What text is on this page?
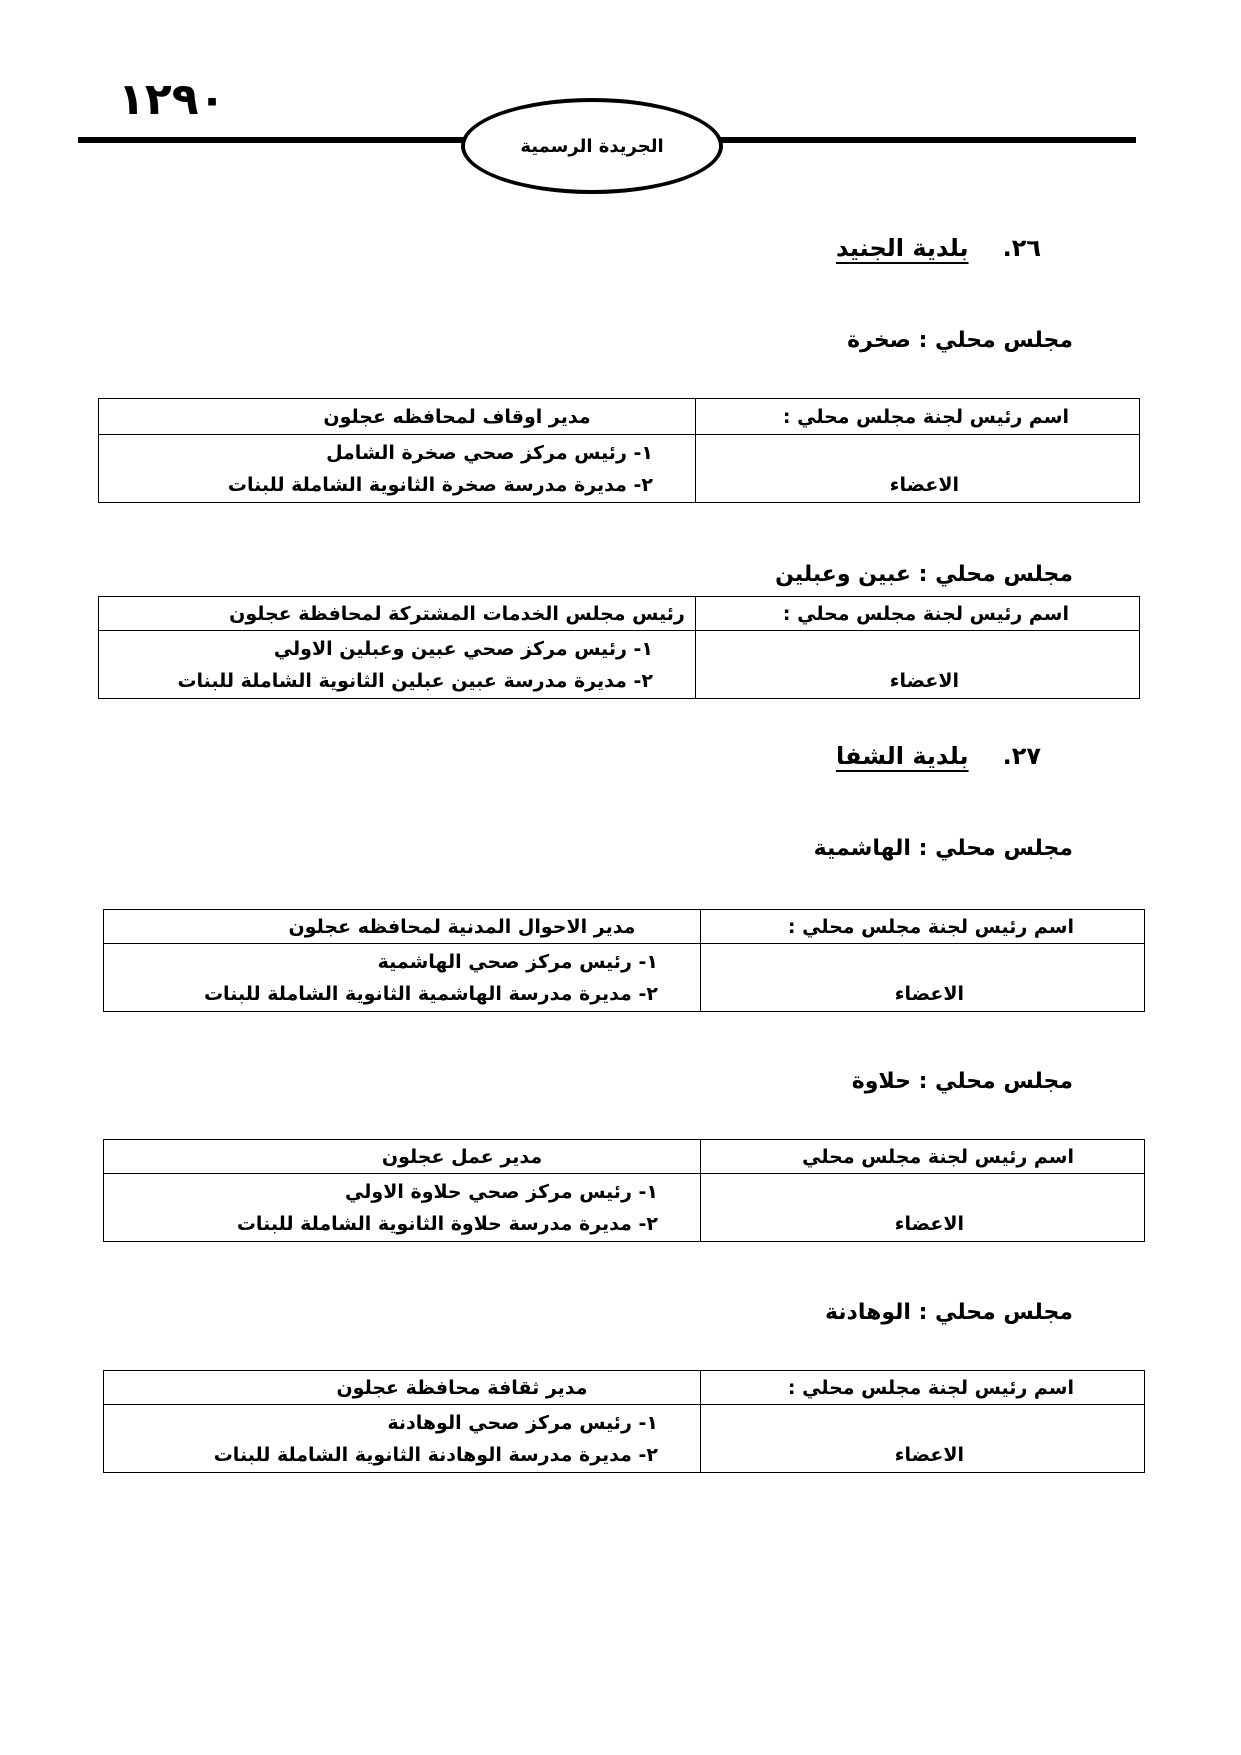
١٢٩٠
الجريدة الرسمية
٢٦.بلدية الجنيد
مجلس محلي : صخرة
اسم رئيس لجنة مجلس محلي :	مدير اوقاف لمحافظه عجلون

الاعضاء	١- رئيس مركز صحي صخرة الشامل
٢- مديرة مدرسة صخرة الثانوية الشاملة للبنات
مجلس محلي : عبين وعبلين
اسم رئيس لجنة مجلس محلي :	رئيس مجلس الخدمات المشتركة لمحافظة عجلون

الاعضاء	١- رئيس مركز صحي عبين وعبلين الاولي
٢- مديرة مدرسة عبين عبلين الثانوية الشاملة للبنات
٢٧.بلدية الشفا
مجلس محلي : الهاشمية
اسم رئيس لجنة مجلس محلي :	مدير الاحوال المدنية لمحافظه عجلون

الاعضاء	١- رئيس مركز صحي الهاشمية
٢- مديرة مدرسة الهاشمية الثانوية الشاملة للبنات
مجلس محلي : حلاوة
اسم رئيس لجنة مجلس محلي	مدير عمل عجلون

الاعضاء	١- رئيس مركز صحي حلاوة الاولي
٢- مديرة مدرسة حلاوة الثانوية الشاملة للبنات
مجلس محلي : الوهادنة
اسم رئيس لجنة مجلس محلي :	مدير ثقافة محافظة عجلون

الاعضاء	١- رئيس مركز صحي الوهادنة
٢- مديرة مدرسة الوهادنة الثانوية الشاملة للبنات
